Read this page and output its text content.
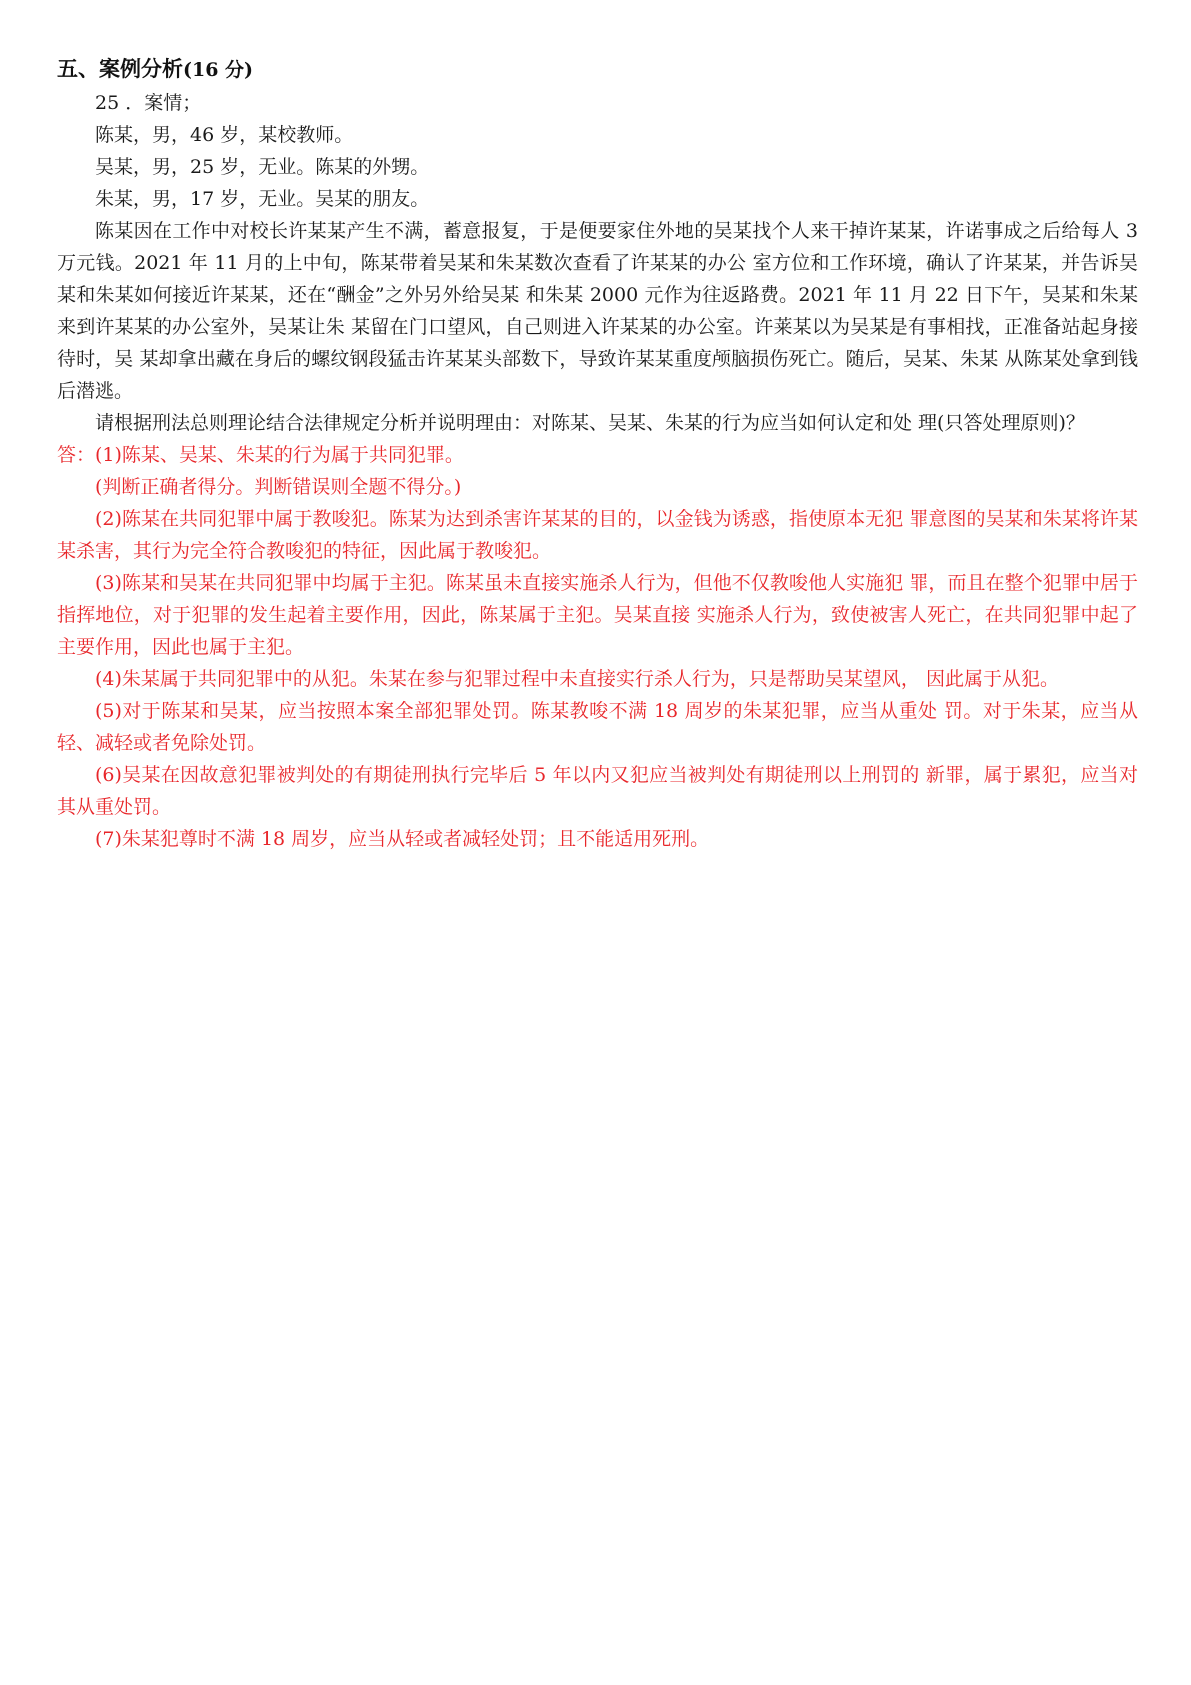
五、案例分析(16 分)

25 ．案情；

陈某，男，46 岁，某校教师。

吴某，男，25 岁，无业。陈某的外甥。

朱某，男，17 岁，无业。吴某的朋友。

陈某因在工作中对校长许某某产生不满，蓄意报复，于是便要家住外地的吴某找个人来干掉许某某，许诺事成之后给每人 3 万元钱。2021 年 11 月的上中旬，陈某带着吴某和朱某数次查看了许某某的办公 室方位和工作环境，确认了许某某，并告诉吴某和朱某如何接近许某某，还在“酬金”之外另外给吴某 和朱某 2000 元作为往返路费。2021 年 11 月 22 日下午，吴某和朱某来到许某某的办公室外，吴某让朱 某留在门口望风，自己则进入许某某的办公室。许莱某以为吴某是有事相找，正准备站起身接待时，吴 某却拿出藏在身后的螺纹钢段猛击许某某头部数下，导致许某某重度颅脑损伤死亡。随后，吴某、朱某 从陈某处拿到钱后潜逃。

请根据刑法总则理论结合法律规定分析并说明理由：对陈某、吴某、朱某的行为应当如何认定和处 理(只答处理原则)？

答：(1)陈某、吴某、朱某的行为属于共同犯罪。

(判断正确者得分。判断错误则全题不得分。)

(2)陈某在共同犯罪中属于教唆犯。陈某为达到杀害许某某的目的，以金钱为诱惑，指使原本无犯 罪意图的吴某和朱某将许某某杀害，其行为完全符合教唆犯的特征，因此属于教唆犯。

(3)陈某和吴某在共同犯罪中均属于主犯。陈某虽未直接实施杀人行为，但他不仅教唆他人实施犯 罪，而且在整个犯罪中居于指挥地位，对于犯罪的发生起着主要作用，因此，陈某属于主犯。吴某直接 实施杀人行为，致使被害人死亡，在共同犯罪中起了主要作用，因此也属于主犯。

(4)朱某属于共同犯罪中的从犯。朱某在参与犯罪过程中未直接实行杀人行为，只是帮助吴某望风， 因此属于从犯。

(5)对于陈某和吴某，应当按照本案全部犯罪处罚。陈某教唆不满 18 周岁的朱某犯罪，应当从重处 罚。对于朱某，应当从轻、减轻或者免除处罚。

(6)吴某在因故意犯罪被判处的有期徒刑执行完毕后 5 年以内又犯应当被判处有期徒刑以上刑罚的 新罪，属于累犯，应当对其从重处罚。

(7)朱某犯尊时不满 18 周岁，应当从轻或者减轻处罚；且不能适用死刑。
